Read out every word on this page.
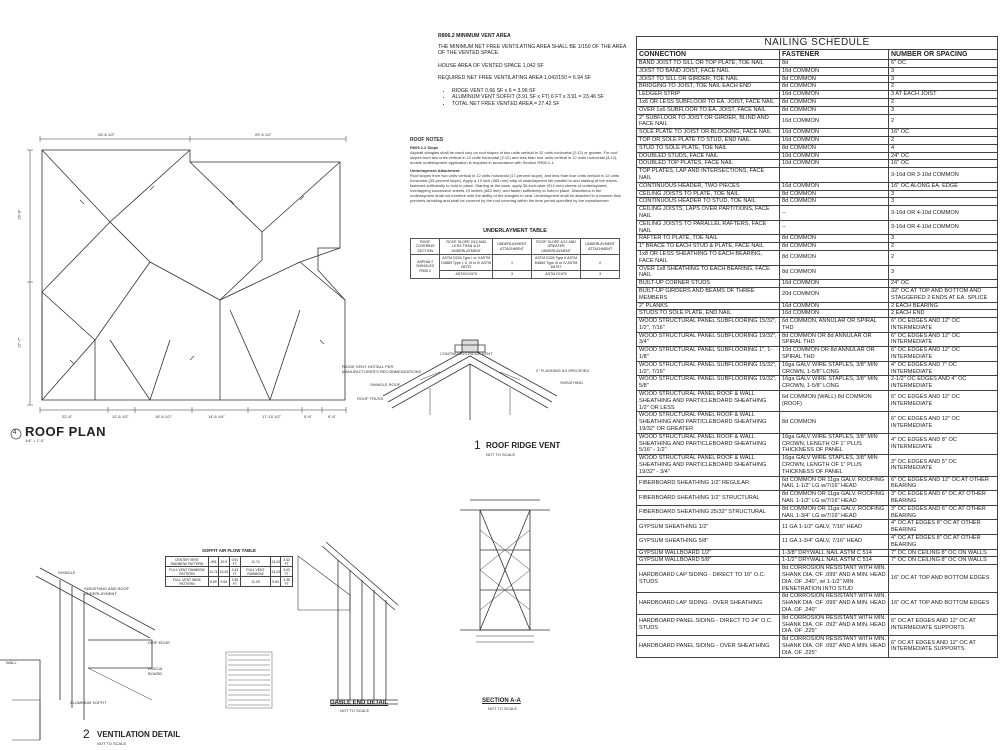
R806.2 MINIMUM VENT AREA
THE MINIMUM NET FREE VENTILATING AREA SHALL BE 1/150 OF THE AREA OF THE VENTED SPACE.
HOUSE AREA OF VENTED SPACE 1,042 SF
REQUIRED NET FREE VENTILATING AREA 1,042/150 = 6.94 SF
• RIDGE VENT 0.66 SF x 6 = 3.96 SF
• ALUMINUM VENT SOFFIT (3.91 SF x FT) 6 FT x 3.91 = 23.46 SF
• TOTAL NET FREE VENTED AREA = 27.42 SF
ROOF NOTES
R905.2.2 Slope
Asphalt shingles shall be used only on roof slopes of two units vertical in 12 units horizontal (2:12) or greater. For roof slopes from two units vertical in 12 units horizontal (2:12) and less than four units vertical in 12 units horizontal (4:12), double underlayment application is required in accordance with Section R905.1.1.
Underlayment Attachment
Roof slopes from two units vertical in 12 units horizontal (17-percent slope), and less than four units vertical in 12 units horizontal (33-percent slope). Apply a 19 inch (483 mm) strip of underlayment felt parallel to and starting at the eaves, fastened sufficiently to hold in place. Starting at the eave, apply 36-inch-wide (914 mm) sheets of underlayment, overlapping successive sheets 19 inches (483 mm), and fasten sufficiently to hold in place. Distortions in the underlayment shall not interfere with the ability of the shingles to seal. Underlayment shall be attached in a manner that prevents wrinkling and shall be covered by the roof covering within the time period specified by the manufacturer.
UNDERLAYMENT TABLE
ROOF COVERING SECTION	ROOF SLOPE 2/12 AND LESS THAN 4/12 UNDERLAYMENT	UNDERLAYMENT ATTACHMENT	ROOF SLOPE 4/12 AND GREATER UNDERLAYMENT	UNDERLAYMENT ATTACHMENT
ASPHALT SHINGLES R905.2	ASTM D226 Type I or II ASTM D4869 Type I, II, III or IV ASTM D6757	1	ASTM D226 Type II ASTM D4869 Type III or IV ASTM D6757	2
	ASTM D1970	3	ASTM D1970	3
28'-8 1/2"	29'-5 1/2"
26'-8"
27'-7"
22'-6"	12'-6 1/2"	15'-6 1/2"	14'-6 1/4"	17'-10 1/2"	5'-6"	9'-6"
4 ROOF PLAN
1/4" = 1'-0"
CONTINUOUS RIDGE VENT
RIDGE VENT. INSTALL PER MANUFACTURER'S RECOMMENDATIONS
SHINGLE ROOF
ROOF TRUSS
2" FLASHING AS SPECIFIED
SHEATHING
1 ROOF RIDGE VENT
NOT TO SCALE
SHINGLE
SHEATHING AND ROOF UNDERLAYMENT
DRIP EDGE
FASCIA BOARD
WALL
ALUMINUM SOFFIT
2 VENTILATION DETAIL
NOT TO SCALE
SOFFIT AIR FLOW TABLE
CENTER VENT RAINBOW PATTERN	.691	10.5	0.91 FT	11.74	13.43	3.43 FT
FULL VENT RAINBOW PATTERN	11.74	13.43	3.43 FT	FULL VENT RAINBOW	13.43	3.43 FT
FULL VENT WIDE PATTERN	8.69	9.64	3.35 FT	11.09	9.64	3.35 FT
GABLE END DETAIL
NOT TO SCALE
SECTION A-A
NOT TO SCALE
NAILING SCHEDULE		
CONNECTION	FASTENER	NUMBER OR SPACING
BAND JOIST TO SILL OR TOP PLATE, TOE NAIL	8d	6" OC
JOIST TO BAND JOIST, FACE NAIL	16d COMMON	3
JOIST TO SILL OR GIRDER, TOE NAIL	8d COMMON	3
BRIDGING TO JOIST, TOE NAIL EACH END	8d COMMON	2
LEDGER STRIP	16d COMMON	3 AT EACH JOIST
1x6 OR LESS SUBFLOOR TO EA. JOIST, FACE NAIL	8d COMMON	2
OVER 1x6 SUBFLOOR TO EA. JOIST, FACE NAIL	8d COMMON	3
2" SUBFLOOR TO JOIST OR GIRDER, BLIND AND FACE NAIL	16d COMMON	2
SOLE PLATE TO JOIST OR BLOCKING, FACE NAIL	16d COMMON	16" OC
TOP OR SOLE PLATE TO STUD, END NAIL	16d COMMON	2
STUD TO SOLE PLATE, TOE NAIL	8d COMMON	4
DOUBLED STUDS, FACE NAIL	10d COMMON	24" OC
DOUBLED TOP PLATES, FACE NAIL	10d COMMON	16" OC
TOP PLATES, LAP AND INTERSECTIONS, FACE NAIL		3-16d OR 3-10d COMMON
CONTINUOUS HEADER, TWO PIECES	16d COMMON	16" OC ALONG EA. EDGE
CEILING JOISTS TO PLATE, TOE NAIL	8d COMMON	3
CONTINUOUS HEADER TO STUD, TOE NAIL	8d COMMON	3
CEILING JOISTS, LAPS OVER PARTITIONS, FACE NAIL	--	3-16d OR 4-10d COMMON
CEILING JOISTS TO PARALLEL RAFTERS, FACE NAIL	--	3-16d OR 4-10d COMMON
RAFTER TO PLATE, TOE NAIL	8d COMMON	3
1" BRACE TO EACH STUD & PLATE, FACE NAIL	8d COMMON	2
1x8 OR LESS SHEATHING TO EACH BEARING, FACE NAIL	8d COMMON	2
OVER 1x8 SHEATHING TO EACH BEARING, FACE NAIL	8d COMMON	3
BUILT-UP CORNER STUDS	16d COMMON	24" OC
BUILT-UP GIRDERS AND BEAMS OF THREE MEMBERS	20d COMMON	32" OC AT TOP AND BOTTOM AND STAGGERED 2 ENDS AT EA. SPLICE
2" PLANKS	16d COMMON	2 EACH BEARING
STUDS TO SOLE PLATE, END NAIL	16d COMMON	2 EACH END
WOOD STRUCTURAL PANEL SUBFLOORING 15/32", 1/2", 7/16"	6d COMMON, ANNULAR OR SPIRAL THD	6" OC EDGES AND 12" OC INTERMEDIATE
WOOD STRUCTURAL PANEL SUBFLOORING 19/32", 3/4"	8d COMMON OR 8d ANNULAR OR SPIRAL THD	6" OC EDGES AND 12" OC INTERMEDIATE
WOOD STRUCTURAL PANEL SUBFLOORING 1", 1-1/8"	10d COMMON OR 8d ANNULAR OR SPIRAL THD	6" OC EDGES AND 12" OC INTERMEDIATE
WOOD STRUCTURAL PANEL SUBFLOORING 15/32", 1/2", 7/16"	16ga GALV WIRE STAPLES, 3/8" MIN CROWN, 1-5/8" LONG	4" OC EDGES AND 7" OC INTERMEDIATE
WOOD STRUCTURAL PANEL SUBFLOORING 19/32", 5/8"	16ga GALV WIRE STAPLES, 3/8" MIN CROWN, 1-5/8" LONG	2-1/2" OC EDGES AND 4" OC INTERMEDIATE
WOOD STRUCTURAL PANEL ROOF & WALL SHEATHING AND PARTICLEBOARD SHEATHING 1/2" OR LESS	6d COMMON (WALL) 8d COMMON (ROOF)	6" OC EDGES AND 12" OC INTERMEDIATE
WOOD STRUCTURAL PANEL ROOF & WALL SHEATHING AND PARTICLEBOARD SHEATHING 19/32" OR GREATER	8d COMMON	6" OC EDGES AND 12" OC INTERMEDIATE
WOOD STRUCTURAL PANEL ROOF & WALL SHEATHING AND PARTICLEBOARD SHEATHING 5/16" - 1/2"	16ga GALV WIRE STAPLES, 3/8" MIN CROWN, LENGTH OF 1" PLUS THICKNESS OF PANEL	4" OC EDGES AND 8" OC INTERMEDIATE
WOOD STRUCTURAL PANEL ROOF & WALL SHEATHING AND PARTICLEBOARD SHEATHING 19/32" - 3/4"	16ga GALV WIRE STAPLES, 3/8" MIN CROWN, LENGTH OF 1" PLUS THICKNESS OF PANEL	3" OC EDGES AND 5" OC INTERMEDIATE
FIBERBOARD SHEATHING 1/2" REGULAR	6d COMMON OR 11ga GALV. ROOFING NAIL 1-1/2" LG w/7/16" HEAD	6" OC EDGES AND 12" OC AT OTHER BEARING
FIBERBOARD SHEATHING 1/2" STRUCTURAL	8d COMMON OR 11ga GALV. ROOFING NAIL 1-1/2" LG w/7/16" HEAD	3" OC EDGES AND 6" OC AT OTHER BEARING
FIBERBOARD SHEATHING 25/32" STRUCTURAL	8d COMMON OR 11ga GALV. ROOFING NAIL 1-3/4" LG w/7/16" HEAD	3" OC EDGES AND 6" OC AT OTHER BEARING
GYPSUM SHEATHING 1/2"	11 GA 1-1/2" GALV, 7/16" HEAD	4" OC AT EDGES 8" OC AT OTHER BEARING
GYPSUM SHEATHING 5/8"	11 GA 1-3/4" GALV, 7/16" HEAD	4" OC AT EDGES 8" OC AT OTHER BEARING
GYPSUM WALLBOARD 1/2"	1-3/8" DRYWALL NAIL ASTM C 514	7" OC ON CEILING 8" OC ON WALLS
GYPSUM WALLBOARD 5/8"	1-1/2" DRYWALL NAIL ASTM C 514	7" OC ON CEILING 8" OC ON WALLS
HARDBOARD LAP SIDING - DIRECT TO 16" O.C. STUDS	8d CORROSION RESISTANT WITH MIN. SHANK DIA. OF .099" AND A MIN. HEAD DIA. OF .240", w/ 1-1/2" MIN PENETRATION INTO STUD	16" OC AT TOP AND BOTTOM EDGES
HARDBOARD LAP SIDING - OVER SHEATHING	8d CORROSION RESISTANT WITH MIN. SHANK DIA. OF .099" AND A MIN. HEAD DIA. OF .240"	16" OC AT TOP AND BOTTOM EDGES
HARDBOARD PANEL SIDING - DIRECT TO 24" O.C. STUDS	8d CORROSION RESISTANT WITH MIN. SHANK DIA. OF .092" AND A MIN. HEAD DIA. OF .225"	6" OC AT EDGES AND 12" OC AT INTERMEDIATE SUPPORTS
HARDBOARD PANEL SIDING - OVER SHEATHING	8d CORROSION RESISTANT WITH MIN. SHANK DIA. OF .092" AND A MIN. HEAD DIA. OF .225"	6" OC AT EDGES AND 12" OC AT INTERMEDIATE SUPPORTS
